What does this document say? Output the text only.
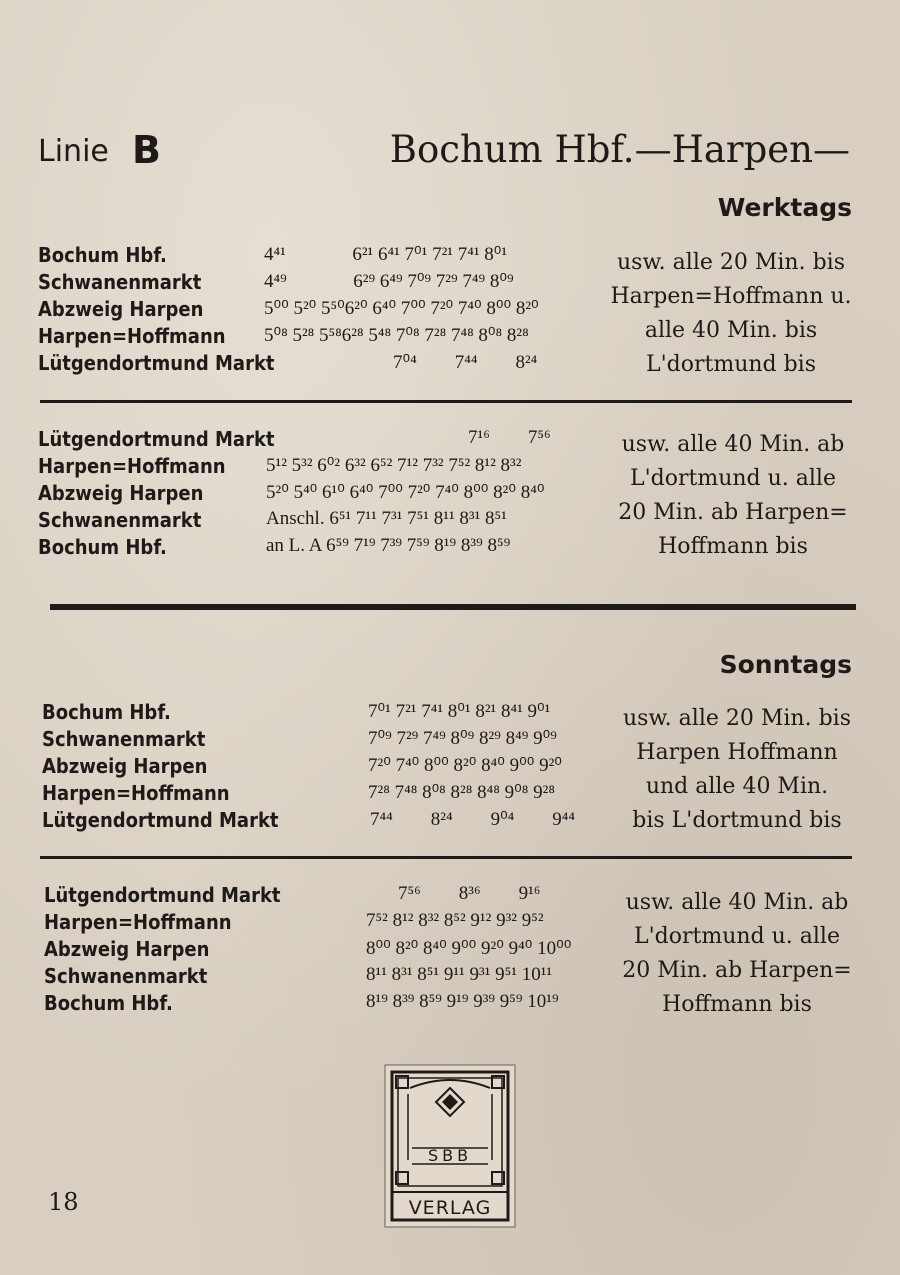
Linie B	Bochum Hbf.—Harpen—
Werktags
Bochum Hbf.	4⁴¹              6²¹ 6⁴¹ 7⁰¹ 7²¹ 7⁴¹ 8⁰¹
Schwanenmarkt	4⁴⁹              6²⁹ 6⁴⁹ 7⁰⁹ 7²⁹ 7⁴⁹ 8⁰⁹
Abzweig Harpen	5⁰⁰ 5²⁰ 5⁵⁰6²⁰ 6⁴⁰ 7⁰⁰ 7²⁰ 7⁴⁰ 8⁰⁰ 8²⁰
Harpen=Hoffmann 5⁰⁸ 5²⁸ 5⁵⁸6²⁸ 5⁴⁸ 7⁰⁸ 7²⁸ 7⁴⁸ 8⁰⁸ 8²⁸
Lütgendortmund Markt	7⁰⁴        7⁴⁴        8²⁴
usw. alle 20 Min. bis
Harpen=Hoffmann u.
alle 40 Min. bis
L'dortmund bis
Lütgendortmund Markt	7¹⁶        7⁵⁶
Harpen=Hoffmann 5¹² 5³² 6⁰² 6³² 6⁵² 7¹² 7³² 7⁵² 8¹² 8³²
Abzweig Harpen	5²⁰ 5⁴⁰ 6¹⁰ 6⁴⁰ 7⁰⁰ 7²⁰ 7⁴⁰ 8⁰⁰ 8²⁰ 8⁴⁰
Schwanenmarkt	Anschl. 6⁵¹ 7¹¹ 7³¹ 7⁵¹ 8¹¹ 8³¹ 8⁵¹
Bochum Hbf.	an L. A 6⁵⁹ 7¹⁹ 7³⁹ 7⁵⁹ 8¹⁹ 8³⁹ 8⁵⁹
usw. alle 40 Min. ab
L'dortmund u. alle
20 Min. ab Harpen=
Hoffmann bis
Sonntags
Bochum Hbf.	7⁰¹ 7²¹ 7⁴¹ 8⁰¹ 8²¹ 8⁴¹ 9⁰¹
Schwanenmarkt	7⁰⁹ 7²⁹ 7⁴⁹ 8⁰⁹ 8²⁹ 8⁴⁹ 9⁰⁹
Abzweig Harpen	7²⁰ 7⁴⁰ 8⁰⁰ 8²⁰ 8⁴⁰ 9⁰⁰ 9²⁰
Harpen=Hoffmann	7²⁸ 7⁴⁸ 8⁰⁸ 8²⁸ 8⁴⁸ 9⁰⁸ 9²⁸
Lütgendortmund Markt	7⁴⁴        8²⁴        9⁰⁴        9⁴⁴
usw. alle 20 Min. bis
Harpen Hoffmann
und alle 40 Min.
bis L'dortmund bis
Lütgendortmund Markt	7⁵⁶        8³⁶        9¹⁶
Harpen=Hoffmann	7⁵² 8¹² 8³² 8⁵² 9¹² 9³² 9⁵²
Abzweig Harpen	8⁰⁰ 8²⁰ 8⁴⁰ 9⁰⁰ 9²⁰ 9⁴⁰ 10⁰⁰
Schwanenmarkt	8¹¹ 8³¹ 8⁵¹ 9¹¹ 9³¹ 9⁵¹ 10¹¹
Bochum Hbf.	8¹⁹ 8³⁹ 8⁵⁹ 9¹⁹ 9³⁹ 9⁵⁹ 10¹⁹
usw. alle 40 Min. ab
L'dortmund u. alle
20 Min. ab Harpen=
Hoffmann bis
SBB
VERLAG
18
